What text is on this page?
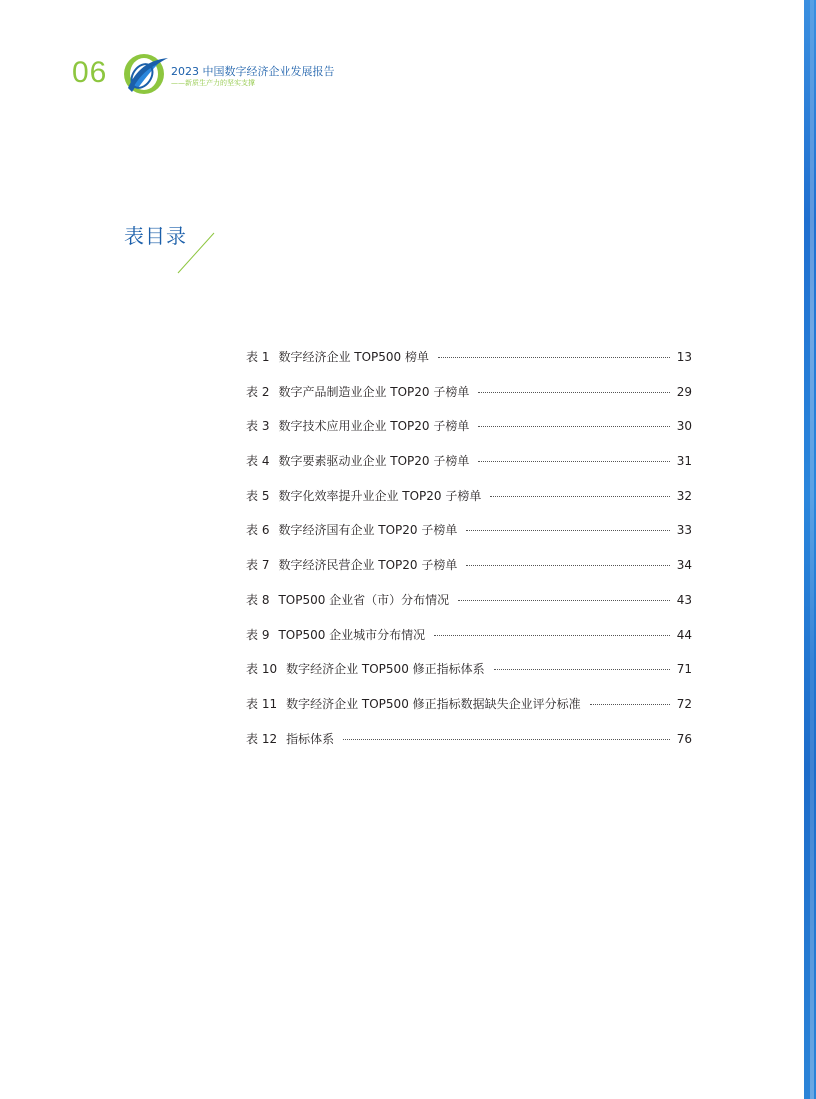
06	2023 中国数字经济企业发展报告
——新质生产力的坚实支撑
表目录
表 1 数字经济企业 TOP500 榜单	13
表 2 数字产品制造业企业 TOP20 子榜单	29
表 3 数字技术应用业企业 TOP20 子榜单	30
表 4 数字要素驱动业企业 TOP20 子榜单	31
表 5 数字化效率提升业企业 TOP20 子榜单	32
表 6 数字经济国有企业 TOP20 子榜单	33
表 7 数字经济民营企业 TOP20 子榜单	34
表 8 TOP500 企业省（市）分布情况	43
表 9 TOP500 企业城市分布情况	44
表 10 数字经济企业 TOP500 修正指标体系	71
表 11 数字经济企业 TOP500 修正指标数据缺失企业评分标准	72
表 12 指标体系	76
